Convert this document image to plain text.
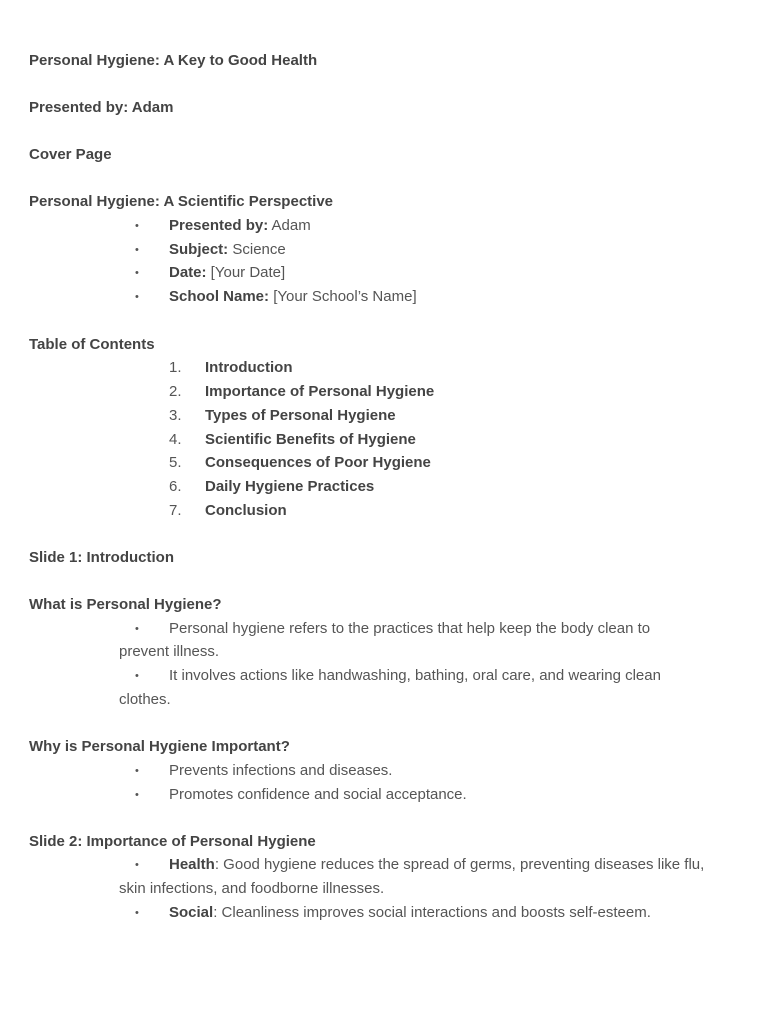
Personal Hygiene: A Key to Good Health
Presented by: Adam
Cover Page
Personal Hygiene: A Scientific Perspective
• Presented by: Adam
• Subject: Science
• Date: [Your Date]
• School Name: [Your School’s Name]
Table of Contents
1. Introduction
2. Importance of Personal Hygiene
3. Types of Personal Hygiene
4. Scientific Benefits of Hygiene
5. Consequences of Poor Hygiene
6. Daily Hygiene Practices
7. Conclusion
Slide 1: Introduction
What is Personal Hygiene?
• Personal hygiene refers to the practices that help keep the body clean to
prevent illness.
• It involves actions like handwashing, bathing, oral care, and wearing clean
clothes.
Why is Personal Hygiene Important?
• Prevents infections and diseases.
• Promotes confidence and social acceptance.
Slide 2: Importance of Personal Hygiene
• Health: Good hygiene reduces the spread of germs, preventing diseases like flu,
skin infections, and foodborne illnesses.
• Social: Cleanliness improves social interactions and boosts self-esteem.
